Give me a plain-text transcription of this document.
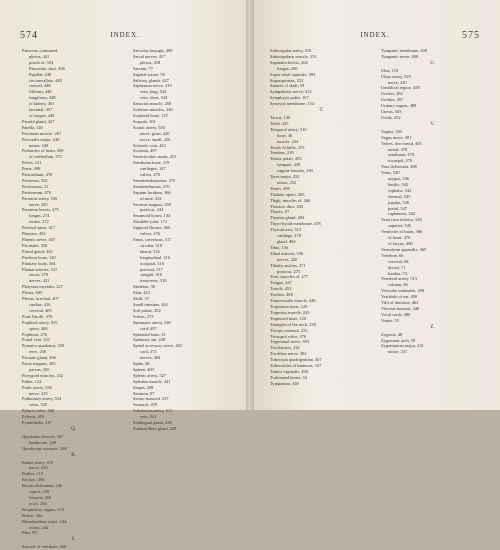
574	INDEX.
Pancreas–continued.
plexus, 441
pouch of, 504
Pancreatic duct, 406
Papillæ, 448
circumvallate, 448
conical, 448
filiform, 448
fungiform, 448
of kidney, 461
lacrimal, 457
of tongue, 448
Parotid gland, 427
Patella, 140
Pectineus muscle, 267
Pectoralis major, 249
minor, 249
Peduncles of brain, 369
of cerebellum, 371
Pelvis, 121
Penis, 498
Pericardium, 470
Perineum, 502
Periosteum, 31
Peritoneum, 470
Peroneal artery, 536
nerve, 420
Peroneus brevis, 275
longus, 274
tertius, 272
Petrosal sinus, 317
Pharynx, 453
Phrenic nerve, 407
Pia mater, 358
Pineal gland, 365
Pisiform bone, 120
Pituitary body, 364
Plantar arteries, 537
fascia, 279
nerves, 421
Platysma myoides, 227
Pleura, 483
Plexus, brachial, 407
cardiac, 416
cervical, 405
Pons Varolii, 370
Popliteal artery, 535
space, 268
Popliteus, 276
Portal vein, 331
Pronator quadratus, 259
teres, 256
Prostate gland, 496
Psoas magnus, 265
parvus, 265
Pterygoid muscles, 232
Pubes, 124
Pudic artery, 530
nerve, 419
Pulmonary artery, 524
veins, 545
Pyloric valve, 460
Pylorus, 459
Pyramidalis, 247
Q.
Quadratus femoris, 267
lumborum, 248
Quadriceps extensor, 268
R.
Radial artery, 519
nerve, 410
Radius, 113
Rectum, 466
Rectus abdominis, 246
capitis, 239
femoris, 269
oculi, 236
Respiratory organs, 478
Retina, 444
Rhomboideus major, 244
minor, 244
Ribs, 89
S.
Saccule of vestibule, 450
Sacculus laryngis, 480
Sacral nerves, 417
plexus, 418
Sacrum, 77
Sagittal suture, 59
Salivary glands, 427
Saphenous nerve, 419
vein, long, 544
vein, short, 544
Sartorius muscle, 268
Scalenus muscles, 240
Scaphoid bone, 119
Scapula, 101
Sciatic artery, 530
nerve, great, 420
nerve, small, 420
Sclerotic coat, 442
Scrotum, 497
Semicircular canals, 451
Semilunar bone, 119
cartilages, 147
valves, 478
Semimembranosus, 270
Semitendinosus, 270
Septum lucidum, 366
of nose, 432
Serratus magnus, 250
posticus, 244
Sesamoid bones, 144
Shoulder-joint, 172
Sigmoid flexure, 466
valves, 476
Sinus, cavernous, 317
circular, 318
lateral, 316
longitudinal, 316
occipital, 316
petrosal, 317
straight, 316
transverse, 318
Skeleton, 30
Skin, 423
Skull, 37
Small intestine, 462
Soft palate, 452
Soleus, 273
Spermatic artery, 528
cord, 497
Sphenoid bone, 41
Sphincter ani, 248
Spinal accessory nerve, 402
cord, 373
nerves, 404
Spine, 66
Spleen, 469
Splenic artery, 527
Splenius muscle, 241
Stapes, 449
Sternum, 87
Sterno-mastoid, 237
Stomach, 459
Subclavian artery, 511
vein, 541
Sublingual gland, 428
Submaxillary gland, 428
INDEX.	575
Subscapular artery, 516
Subscapularis muscle, 251
Supinator brevis, 262
longus, 260
Supra-renal capsules, 493
Supraspinatus, 252
Sutures of skull, 59
Sympathetic nerve, 414
Symphysis pubis, 167
Synovial membrane, 154
T.
Tarsus, 140
Teeth, 425
Temporal artery, 510
bone, 46
muscle, 232
Tendo Achillis, 273
Tendons, 218
Tensor palati, 453
tympani, 449
vaginæ femoris, 269
Teres major, 252
minor, 252
Testes, 498
Thalami optici, 365
Thigh, muscles of, 266
Thoracic duct, 549
Thorax, 87
Thymus gland, 484
Thyro-hyoid membrane, 478
Thyroid axis, 513
cartilage, 478
gland, 484
Tibia, 136
Tibial arteries, 536
nerves, 420
Tibialis anticus, 271
posticus, 275
Toes, muscles of, 277
Tongue, 447
Tonsils, 453
Trachea, 480
Transversalis muscle, 246
Trapezium bone, 120
Trapezius muscle, 243
Trapezoid bone, 120
Triangles of the neck, 238
Triceps extensor, 255
Tricuspid valve, 476
Trigeminal nerve, 393
Trochanters, 132
Trochlear nerve, 392
Tubercula quadrigemina, 367
Tuberosities of humerus, 107
Tunica vaginalis, 498
Turbinated bones, 54
Tympanum, 449
Tympanic membrane, 449
Tympanic nerve, 400
U.
Ulna, 110
Ulnar artery, 520
nerve, 410
Umbilical region, 458
Ureters, 494
Urethra, 497
Urinary organs, 489
Uterus, 503
Uvula, 452
V.
Vagina, 503
Vagus nerve, 401
Valves, ileo-cæcal, 465
mitral, 478
semilunar, 478
tricuspid, 476
Vasa deferentia, 498
Veins, 539
azygos, 546
basilic, 542
cephalic, 542
femoral, 545
jugular, 540
portal, 547
saphenous, 544
Vena cava inferior, 546
superior, 545
Ventricles of brain, 366
of heart, 476
of larynx, 480
Vermiform appendix, 465
Vertebræ, 66
cervical, 68
dorsal, 71
lumbar, 74
Vertebral artery, 513
column, 66
Vesiculæ seminales, 498
Vestibule of ear, 450
Villi of intestine, 463
Vitreous humour, 446
Vocal cords, 480
Vomer, 55
Z.
Zygoma, 48
Zygomatic arch, 59
Zygomaticus major, 231
minor, 231
